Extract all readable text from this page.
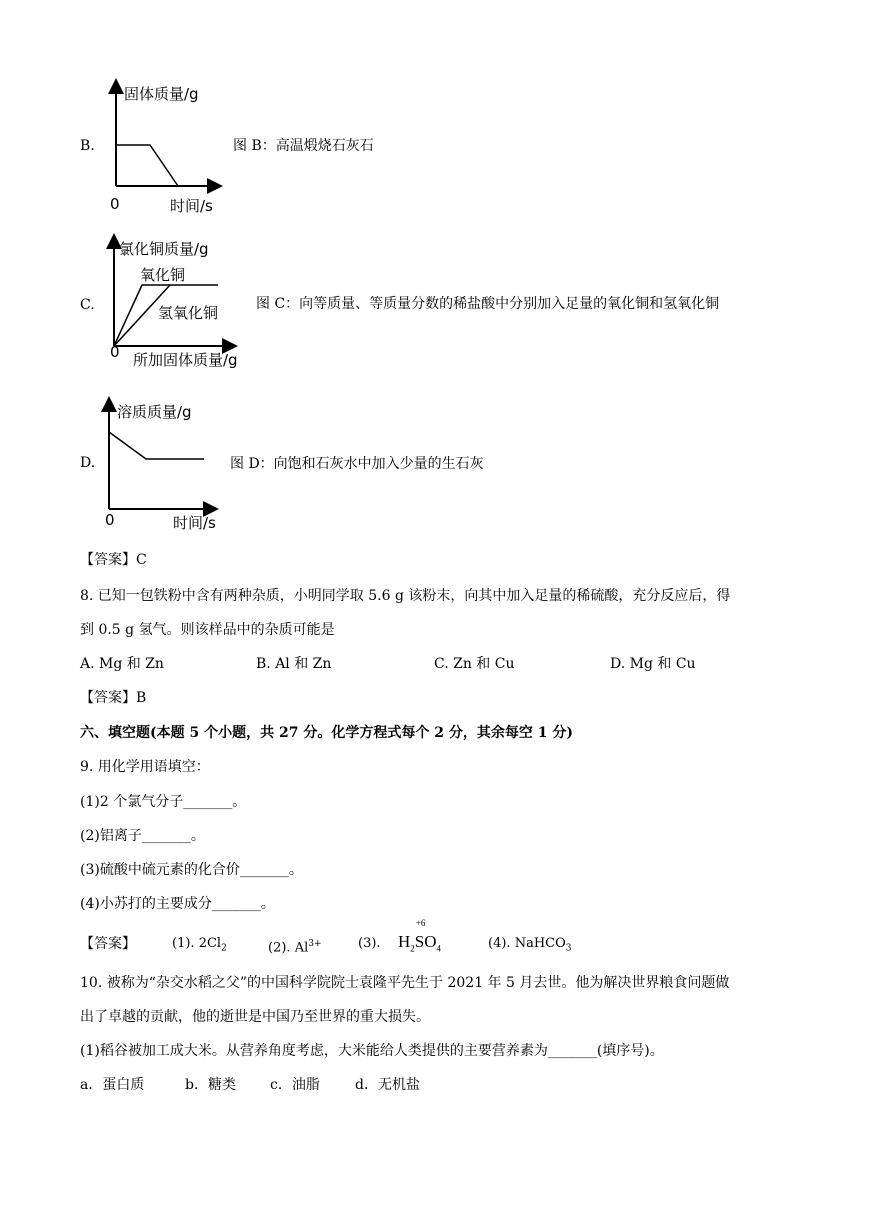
B.
固体质量/g
0	时间/s
图 B：高温煅烧石灰石
C.
氯化铜质量/g
氧化铜
氢氧化铜
0 所加固体质量/g
图 C：向等质量、等质量分数的稀盐酸中分别加入足量的氧化铜和氢氧化铜
D.
溶质质量/g
0	时间/s
图 D：向饱和石灰水中加入少量的生石灰
【答案】C
8. 已知一包铁粉中含有两种杂质，小明同学取 5.6 g 该粉末，向其中加入足量的稀硫酸，充分反应后，得
到 0.5 g 氢气。则该样品中的杂质可能是
A. Mg 和 Zn	B. Al 和 Zn	C. Zn 和 Cu	D. Mg 和 Cu
【答案】B
六、填空题(本题 5 个小题，共 27 分。化学方程式每个 2 分，其余每空 1 分)
9. 用化学用语填空：
(1)2 个氯气分子_______。
(2)铝离子_______。
(3)硫酸中硫元素的化合价_______。
(4)小苏打的主要成分_______。
【答案】	(1). $2Cl_2$	(2). $Al^{3+}$	(3). $H_2$
+6
$SO_4$	(4). NaHCO$_3$
10. 被称为“杂交水稻之父”的中国科学院院士袁隆平先生于 2021 年 5 月去世。他为解决世界粮食问题做
出了卓越的贡献，他的逝世是中国乃至世界的重大损失。
(1)稻谷被加工成大米。从营养角度考虑，大米能给人类提供的主要营养素为_______(填序号)。
a．蛋白质	b．糖类 c．油脂	d．无机盐
